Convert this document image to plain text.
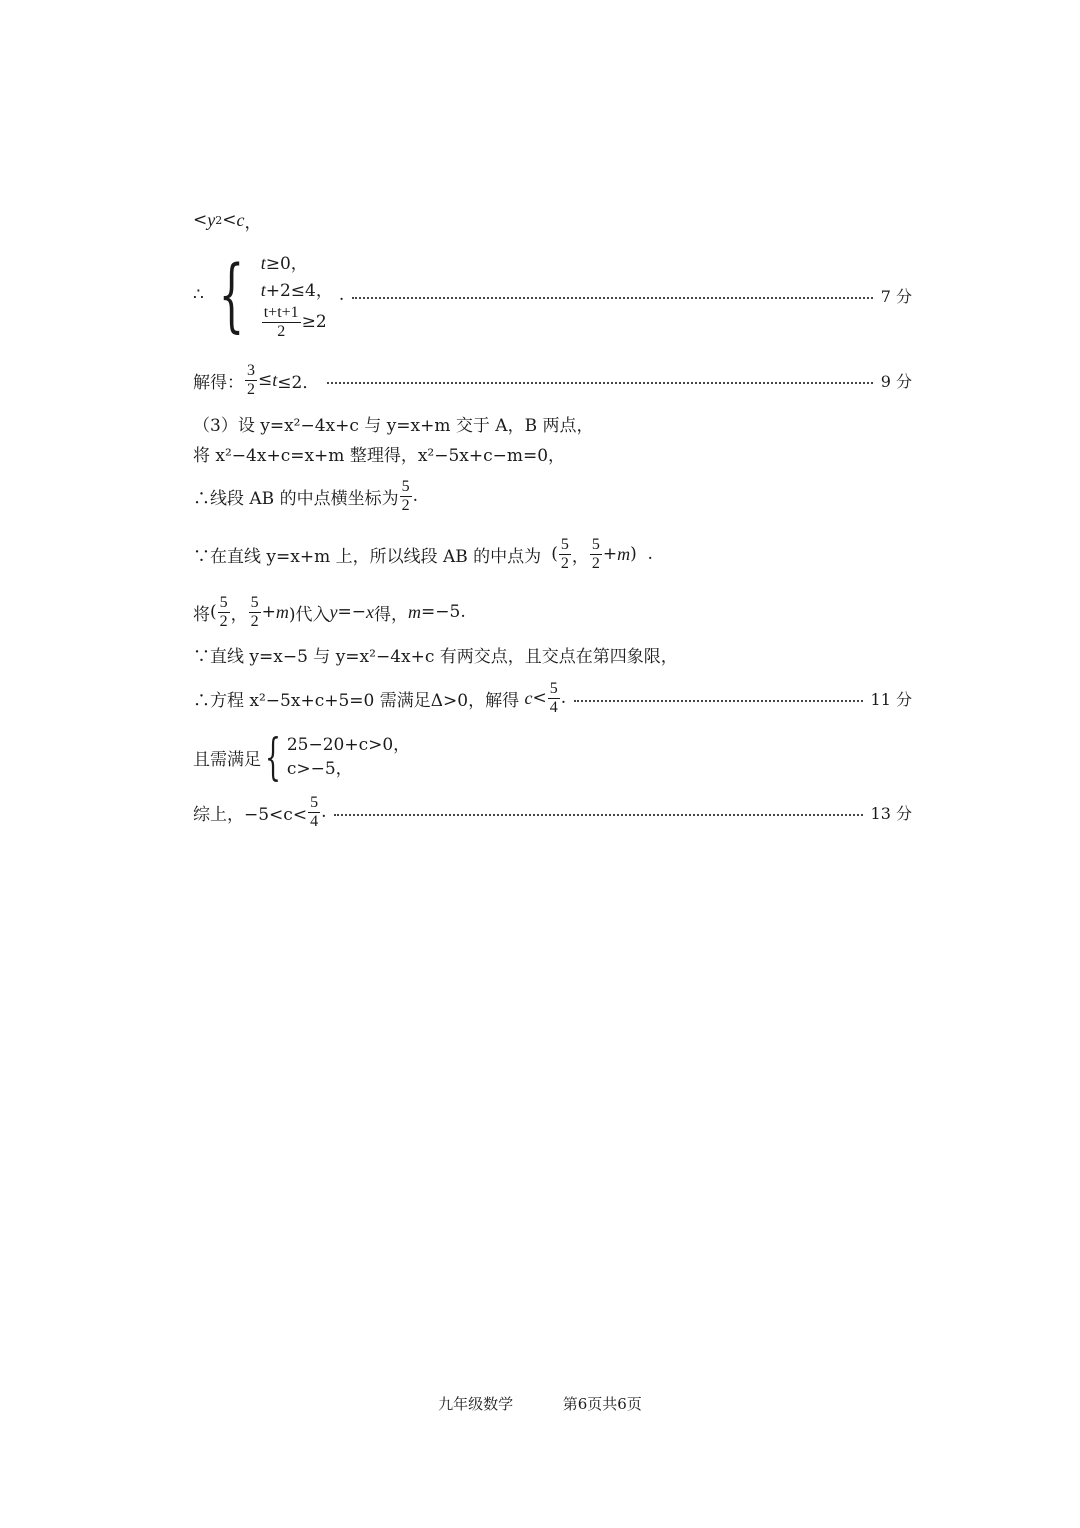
< y 2 < c ，
∴ { t≥0，
t+2≤4，
$\frac{t+t+1}{2} \ge 2$
.	7 分
解得： $\frac{3}{2} \le t \le 2$．	9 分
（3）设 y=x²−4x+c 与 y=x+m 交于 A，B 两点，
将 x²−4x+c=x+m 整理得，x²−5x+c−m=0，
∴线段 AB 的中点横坐标为 $\frac{5}{2}$ .
∵在直线 y=x+m 上，所以线段 AB 的中点为 ( $\frac{5}{2}$ ， $\frac{5}{2} + m$ )  .
将 ( $\frac{5}{2}$ ， $\frac{5}{2} + m$ )代入 y =− x 得， m =−5.
∵直线 y=x−5 与 y=x²−4x+c 有两交点，且交点在第四象限，
∴方程 x²−5x+c+5=0 需满足Δ>0，解得
$c < \frac{5}{4}$ .	11 分
且需满足 { 25−20+c>0，
c>−5，
综上，$-5<c< \frac{5}{4}$ .	13 分
九年级数学	第6页共6页
